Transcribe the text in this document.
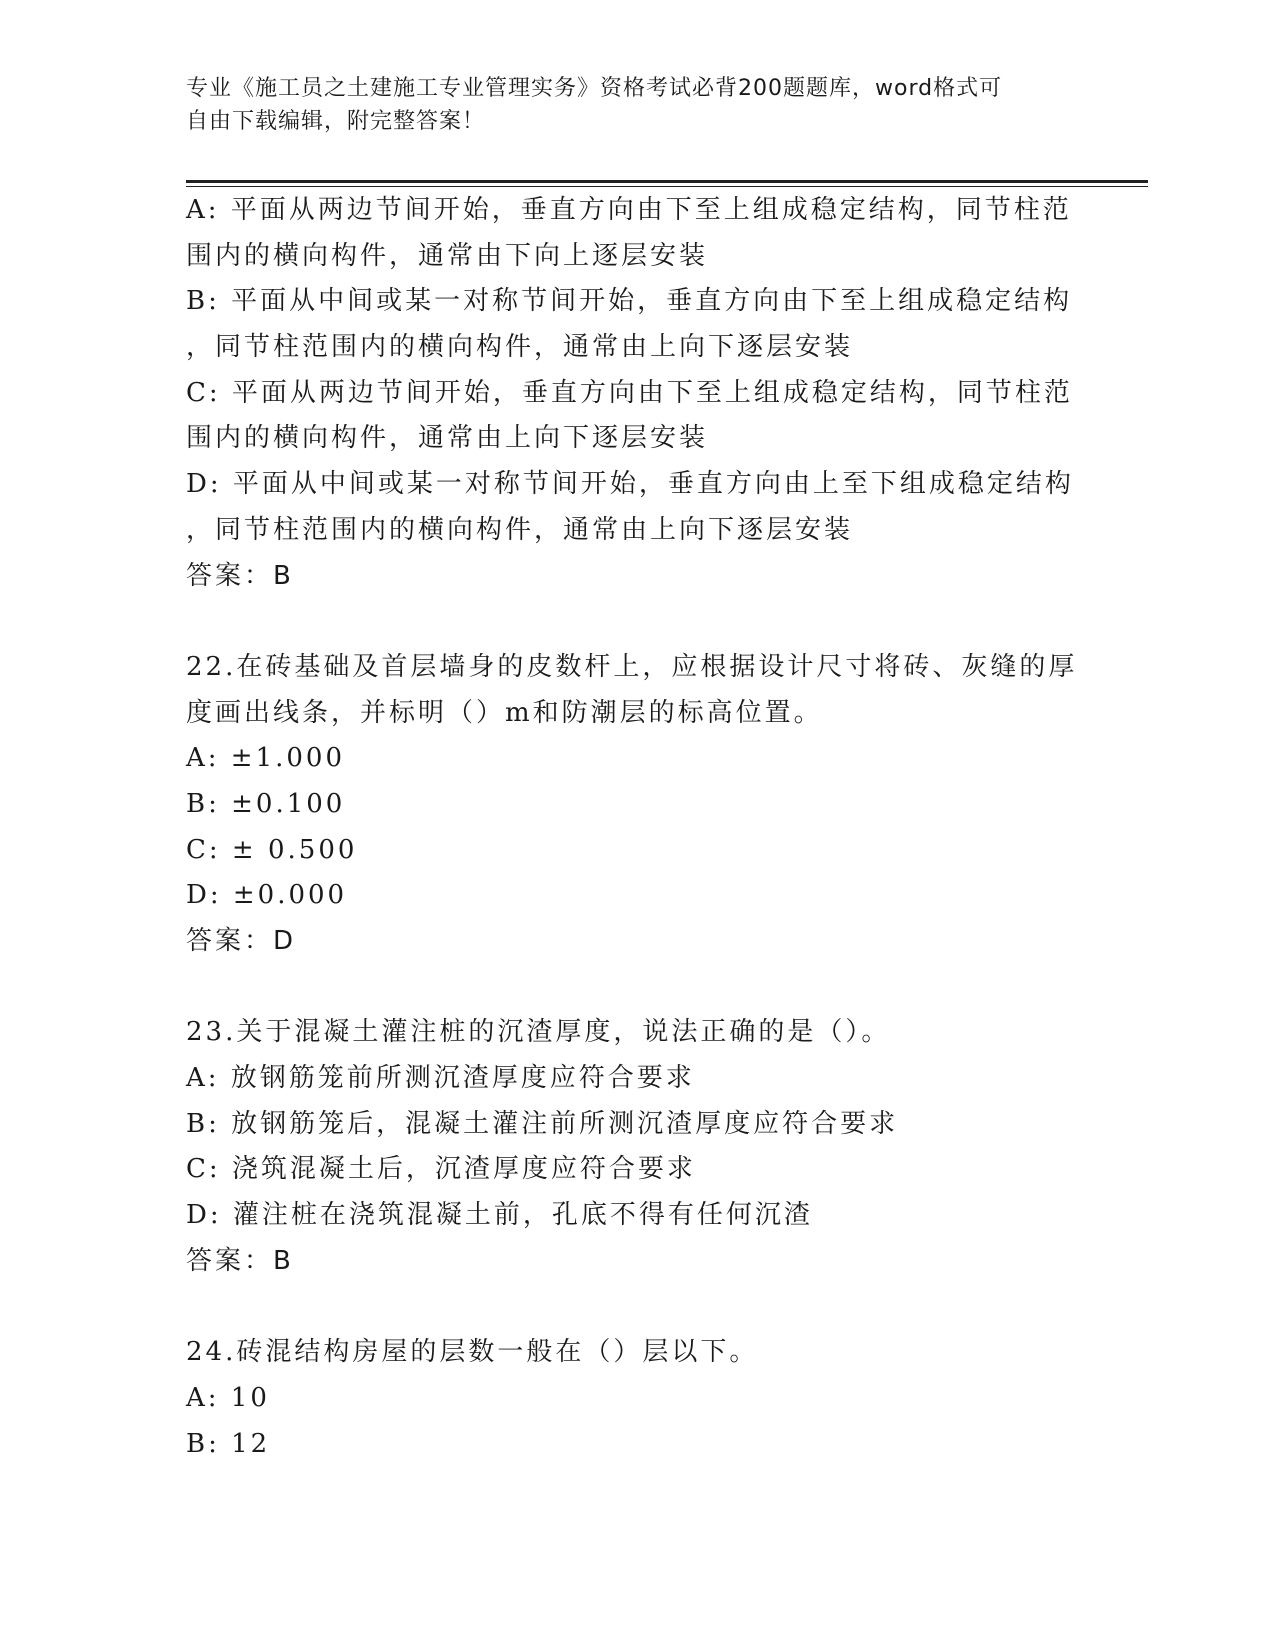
专业《施工员之土建施工专业管理实务》资格考试必背200题题库，word格式可
自由下载编辑，附完整答案！
A: 平面从两边节间开始，垂直方向由下至上组成稳定结构，同节柱范
围内的横向构件，通常由下向上逐层安装
B: 平面从中间或某一对称节间开始，垂直方向由下至上组成稳定结构
，同节柱范围内的横向构件，通常由上向下逐层安装
C: 平面从两边节间开始，垂直方向由下至上组成稳定结构，同节柱范
围内的横向构件，通常由上向下逐层安装
D: 平面从中间或某一对称节间开始，垂直方向由上至下组成稳定结构
，同节柱范围内的横向构件，通常由上向下逐层安装
答案：B
22.在砖基础及首层墙身的皮数杆上，应根据设计尺寸将砖、灰缝的厚
度画出线条，并标明（）m和防潮层的标高位置。
A: ±1.000
B: ±0.100
C: ± 0.500
D: ±0.000
答案：D
23.关于混凝土灌注桩的沉渣厚度，说法正确的是（）。
A: 放钢筋笼前所测沉渣厚度应符合要求
B: 放钢筋笼后，混凝土灌注前所测沉渣厚度应符合要求
C: 浇筑混凝土后，沉渣厚度应符合要求
D: 灌注桩在浇筑混凝土前，孔底不得有任何沉渣
答案：B
24.砖混结构房屋的层数一般在（）层以下。
A: 10
B: 12
